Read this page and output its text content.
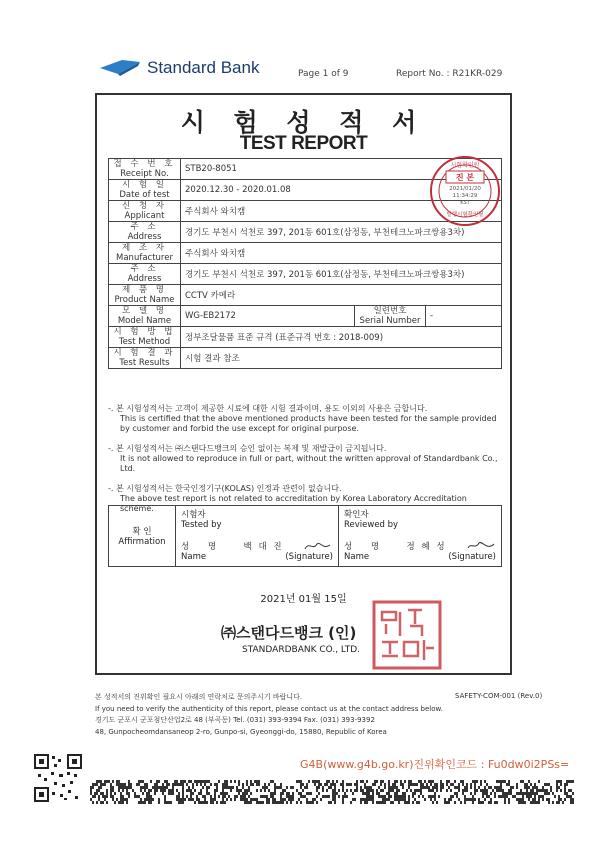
Standard Bank	Page 1 of 9	Report No. : R21KR-029
시 험 성 적 서
TEST REPORT
접 수 번 호
Receipt No.	STB20-8051		

시 험 일
Date of test	2020.12.30 - 2020.01.08		

신 청 자
Applicant	주식회사 와치캠		

주 소
Address	경기도 부천시 석천로 397, 201동 601호(삼정동, 부천테크노파크쌍용3차)		

제 조 자
Manufacturer	주식회사 와치캠		

주 소
Address	경기도 부천시 석천로 397, 201동 601호(삼정동, 부천테크노파크쌍용3차)		

제 품 명
Product Name	CCTV 카메라		

모 델 명
Model Name	WG-EB2172	일련번호
Serial Number	-

시 험 방 법
Test Method	정부조달물품 표준 규격 (표준규격 번호 : 2018-009)		

시 험 결 과
Test Results	시험 결과 참조		
시험확인원
진 본
2021/01/20
11:34:29
KST
발행시험확인필

-. 본 시험성적서는 고객이 제공한 시료에 대한 시험 결과이며, 용도 이외의 사용은 금합니다.
This is certified that the above mentioned products have been tested for the sample provided
by customer and forbid the use except for original purpose.

-. 본 시험성적서는 ㈜스탠다드뱅크의 승인 없이는 복제 및 재발급이 금지됩니다.
It is not allowed to reproduce in full or part, without the written approval of Standardbank Co., Ltd.

-. 본 시험성적서는 한국인정기구(KOLAS) 인정과 관련이 없습니다.
The above test report is not related to accreditation by Korea Laboratory Accreditation scheme.

확 인
Affirmation

시험자
Tested by
성 명 백 대 진
Name	(Signature)

확인자
Reviewed by
성 명 정 혜 성
Name	(Signature)
2021년 01월 15일
㈜스탠다드뱅크 (인)
STANDARDBANK CO., LTD.
본 성적서의 진위확인 필요시 아래의 연락처로 문의주시기 바랍니다.
If you need to verify the authenticity of this report, please contact us at the contact address below.
경기도 군포시 군포첨단산업2로 48 (부곡동) Tel. (031) 393-9394 Fax. (031) 393-9392
48, Gunpocheomdansaneop 2-ro, Gunpo-si, Gyeonggi-do, 15880, Republic of Korea
SAFETY-COM-001 (Rev.0)
G4B(www.g4b.go.kr)진위확인코드 : Fu0dw0i2PSs=
